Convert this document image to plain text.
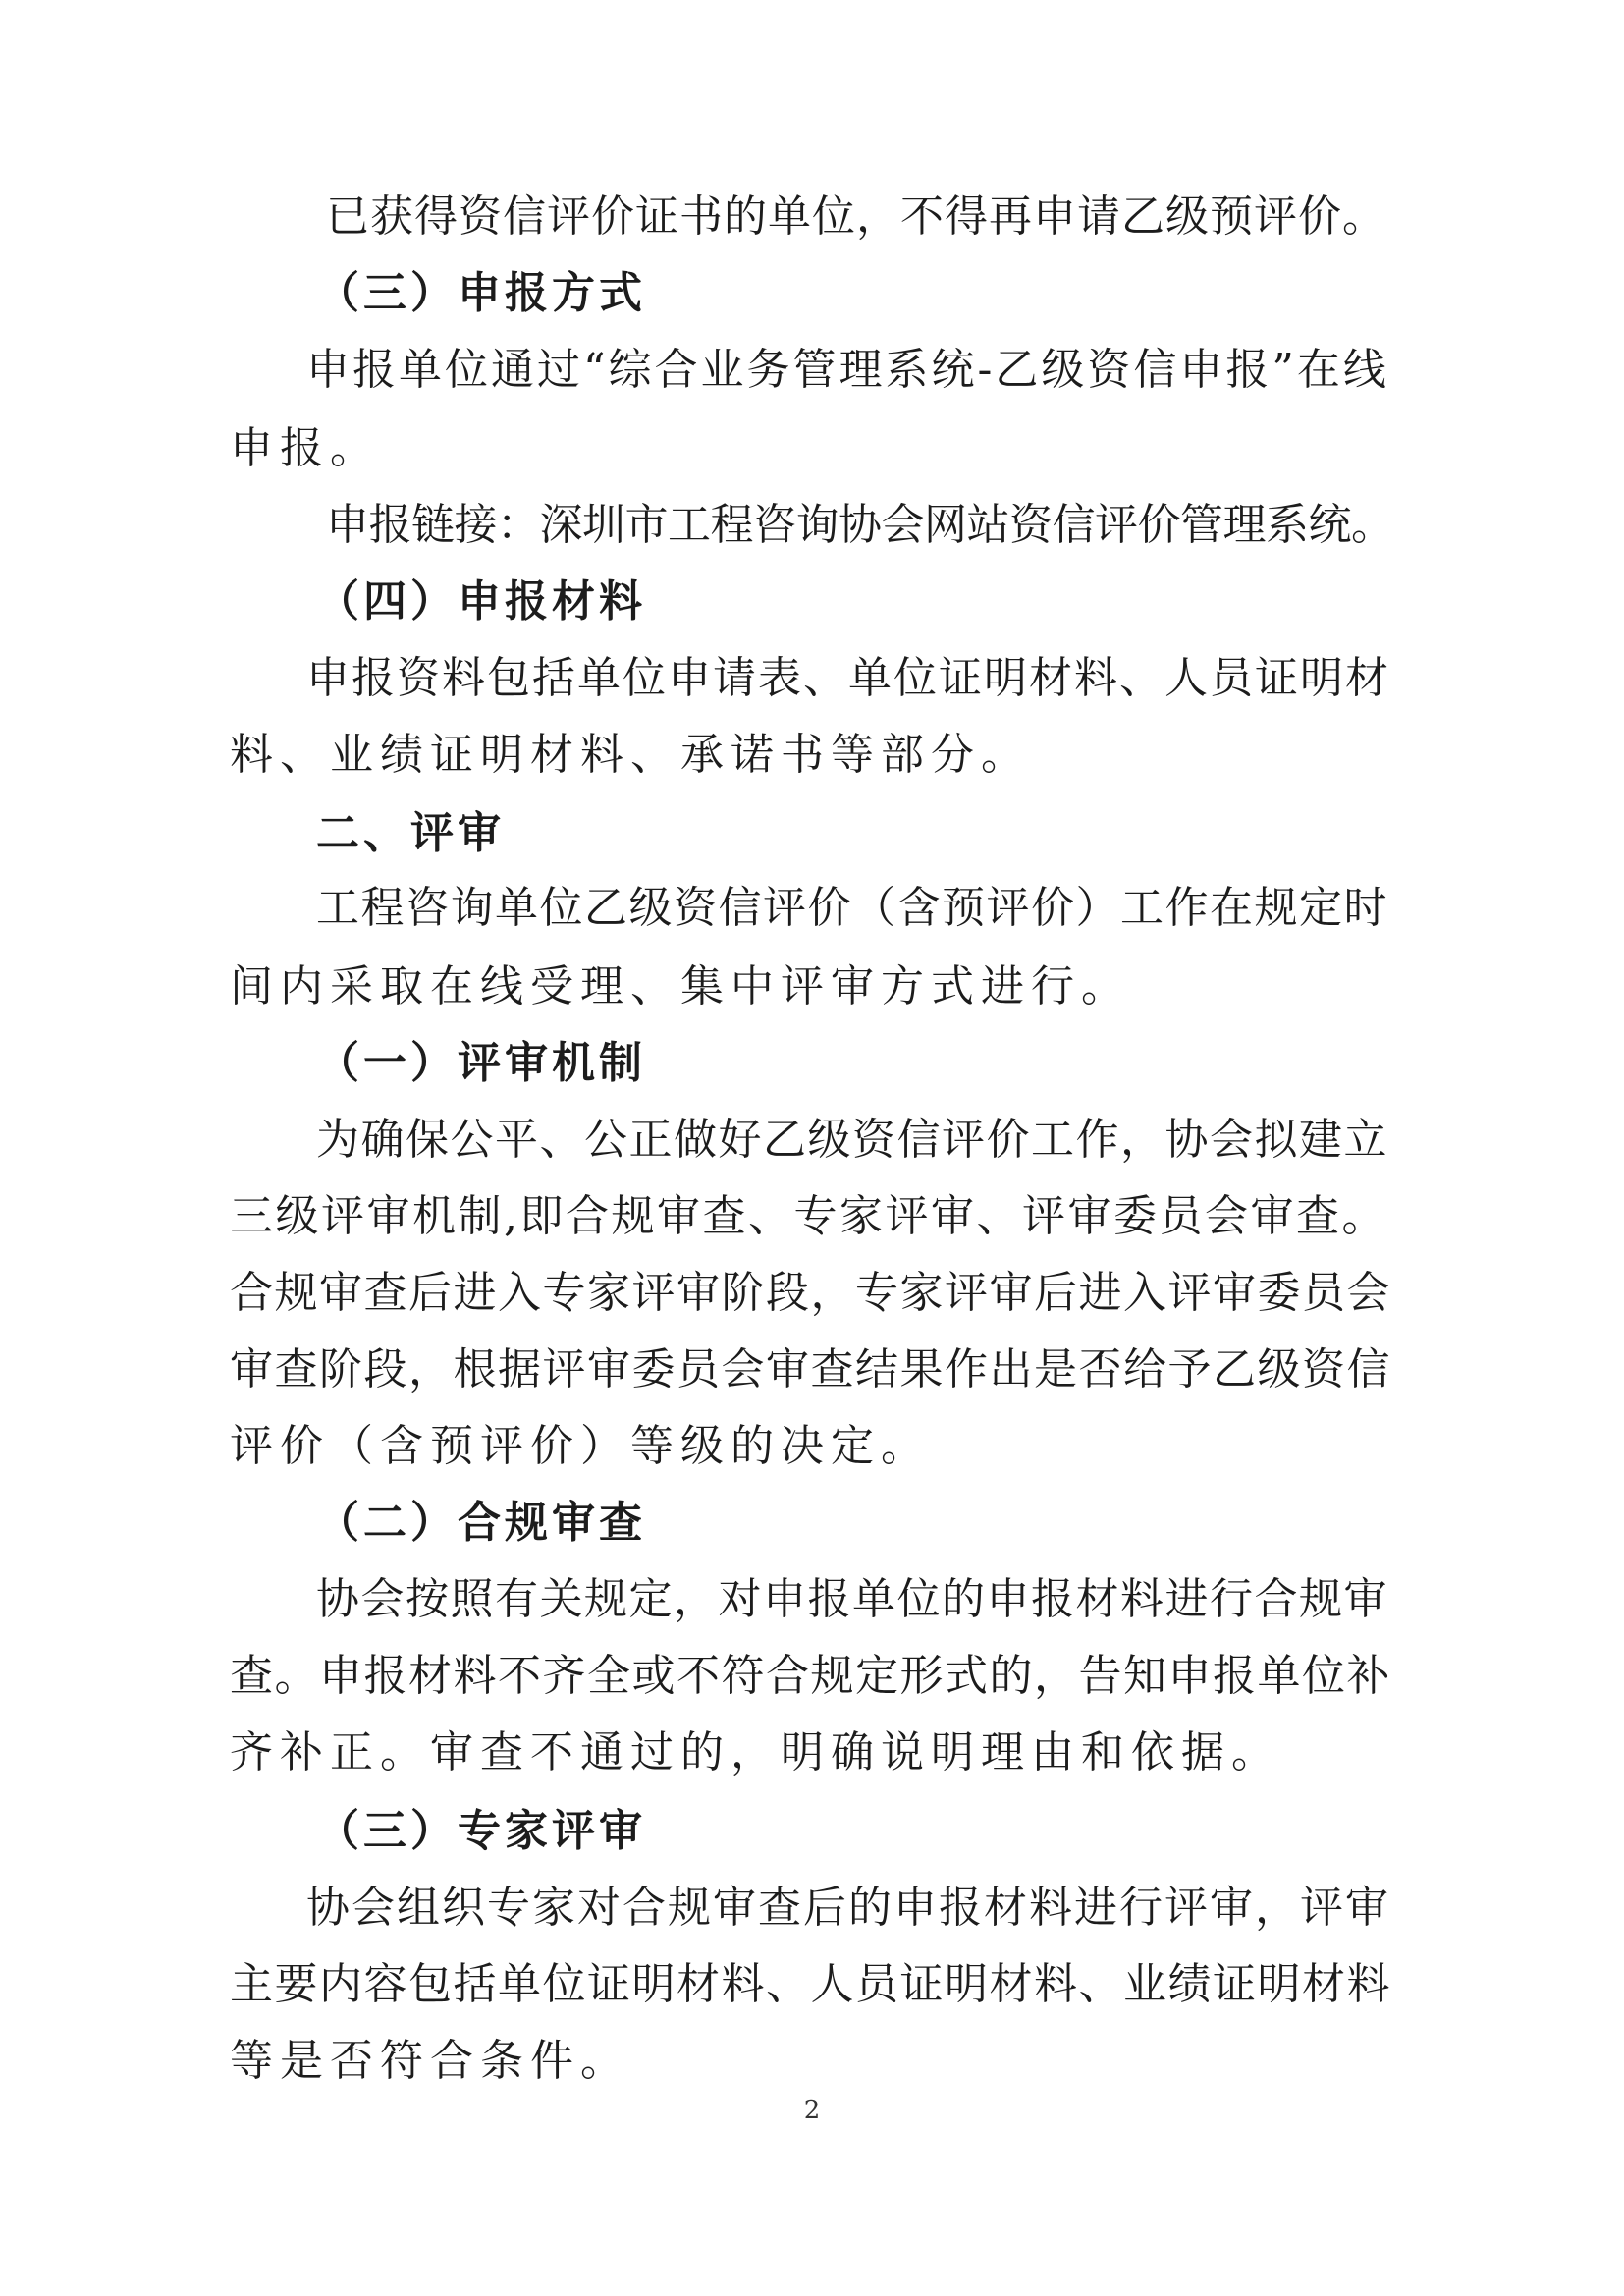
已获得资信评价证书的单位，不得再申请乙级预评价。
（三）申报方式
申报单位通过“综合业务管理系统-乙级资信申报”在线
申报。
申报链接：深圳市工程咨询协会网站资信评价管理系统。
（四）申报材料
申报资料包括单位申请表、单位证明材料、人员证明材
料、业绩证明材料、承诺书等部分。
二、评审
工程咨询单位乙级资信评价（含预评价）工作在规定时
间内采取在线受理、集中评审方式进行。
（一）评审机制
为确保公平、公正做好乙级资信评价工作，协会拟建立
三级评审机制,即合规审查、专家评审、评审委员会审查。
合规审查后进入专家评审阶段，专家评审后进入评审委员会
审查阶段，根据评审委员会审查结果作出是否给予乙级资信
评价（含预评价）等级的决定。
（二）合规审查
协会按照有关规定，对申报单位的申报材料进行合规审
查。申报材料不齐全或不符合规定形式的，告知申报单位补
齐补正。审查不通过的，明确说明理由和依据。
（三）专家评审
协会组织专家对合规审查后的申报材料进行评审，评审
主要内容包括单位证明材料、人员证明材料、业绩证明材料
等是否符合条件。
2
